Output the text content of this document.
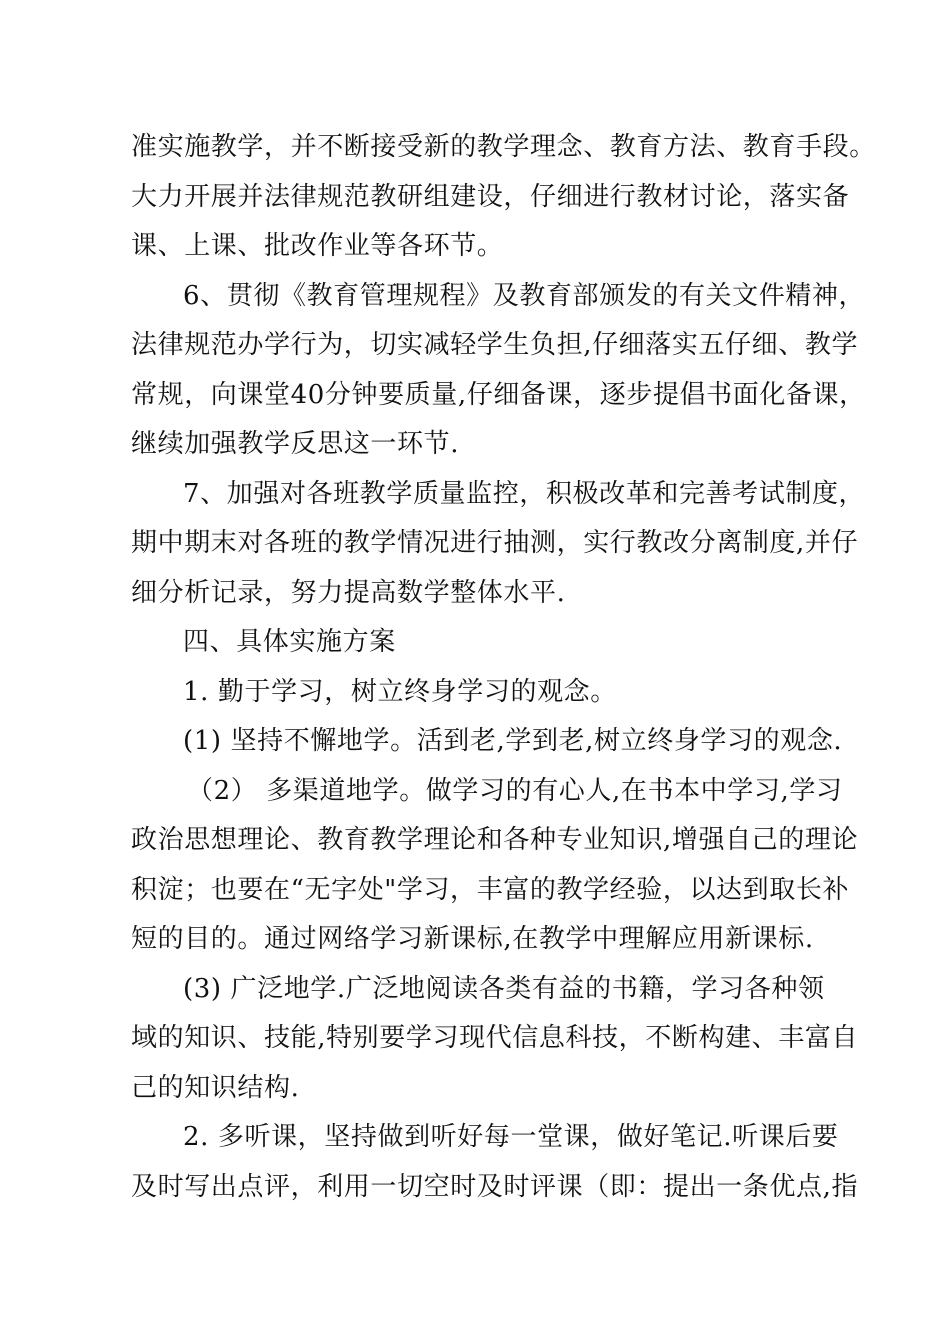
准实施教学，并不断接受新的教学理念、教育方法、教育手段。
大力开展并法律规范教研组建设，仔细进行教材讨论，落实备
课、上课、批改作业等各环节。
6、贯彻《教育管理规程》及教育部颁发的有关文件精神，
法律规范办学行为，切实减轻学生负担,仔细落实五仔细、教学
常规，向课堂40分钟要质量,仔细备课，逐步提倡书面化备课，
继续加强教学反思这一环节.
7、加强对各班教学质量监控，积极改革和完善考试制度，
期中期末对各班的教学情况进行抽测，实行教改分离制度,并仔
细分析记录，努力提高数学整体水平.
四、具体实施方案
1. 勤于学习，树立终身学习的观念。
(1) 坚持不懈地学。活到老,学到老,树立终身学习的观念.
（2） 多渠道地学。做学习的有心人,在书本中学习,学习
政治思想理论、教育教学理论和各种专业知识,增强自己的理论
积淀；也要在“无字处"学习，丰富的教学经验，以达到取长补
短的目的。通过网络学习新课标,在教学中理解应用新课标.
(3) 广泛地学.广泛地阅读各类有益的书籍，学习各种领
域的知识、技能,特别要学习现代信息科技，不断构建、丰富自
己的知识结构.
2. 多听课，坚持做到听好每一堂课，做好笔记.听课后要
及时写出点评，利用一切空时及时评课（即：提出一条优点,指
